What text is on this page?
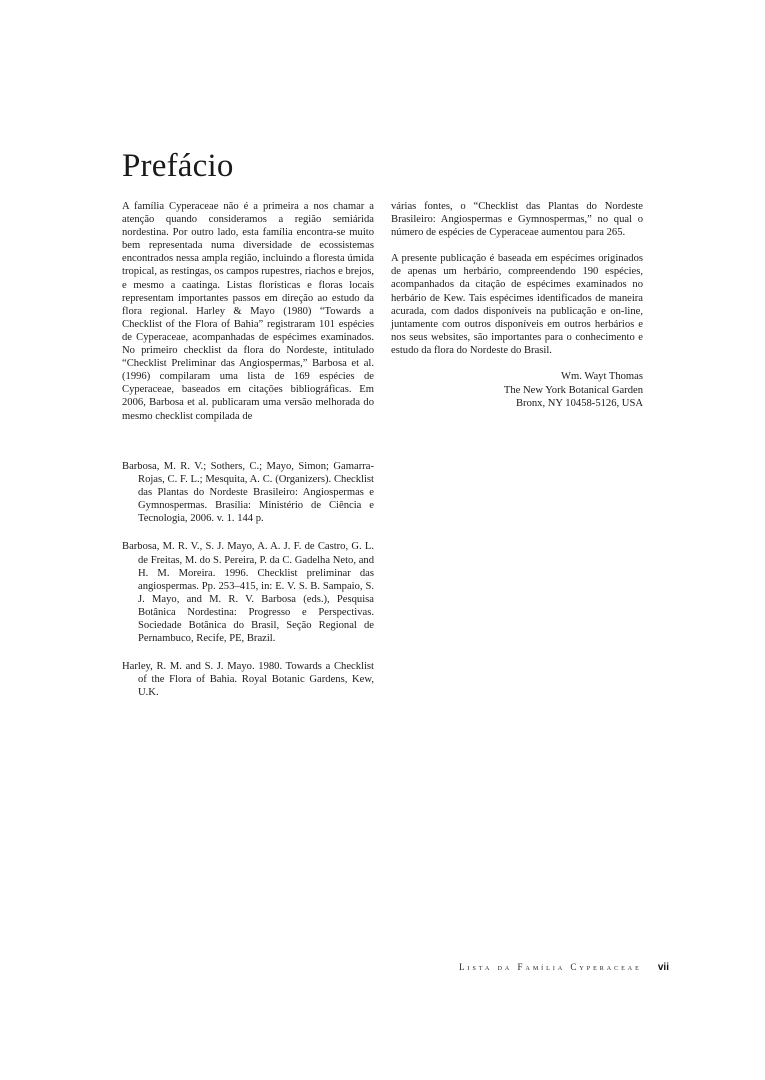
Prefácio

A família Cyperaceae não é a primeira a nos chamar a atenção quando consideramos a região semiárida nordestina. Por outro lado, esta família encontra-se muito bem representada numa diversidade de ecossistemas encontrados nessa ampla região, incluindo a floresta úmida tropical, as restingas, os campos rupestres, riachos e brejos, e mesmo a caatinga. Listas florísticas e floras locais representam importantes passos em direção ao estudo da flora regional. Harley & Mayo (1980) “Towards a Checklist of the Flora of Bahia” registraram 101 espécies de Cyperaceae, acompanhadas de espécimes examinados. No primeiro checklist da flora do Nordeste, intitulado “Checklist Preliminar das Angiospermas,” Barbosa et al. (1996) compilaram uma lista de 169 espécies de Cyperaceae, baseados em citações bibliográficas. Em 2006, Barbosa et al. publicaram uma versão melhorada do mesmo checklist compilada de

várias fontes, o “Checklist das Plantas do Nordeste Brasileiro: Angiospermas e Gymnospermas,” no qual o número de espécies de Cyperaceae aumentou para 265.

A presente publicação é baseada em espécimes originados de apenas um herbário, compreendendo 190 espécies, acompanhados da citação de espécimes examinados no herbário de Kew. Tais espécimes identificados de maneira acurada, com dados disponíveis na publicação e on-line, juntamente com outros disponíveis em outros herbários e nos seus websites, são importantes para o conhecimento e estudo da flora do Nordeste do Brasil.

Wm. Wayt Thomas
The New York Botanical Garden
Bronx, NY 10458-5126, USA

Barbosa, M. R. V.; Sothers, C.; Mayo, Simon; Gamarra-Rojas, C. F. L.; Mesquita, A. C. (Organizers). Checklist das Plantas do Nordeste Brasileiro: Angiospermas e Gymnospermas. Brasília: Ministério de Ciência e Tecnologia, 2006. v. 1. 144 p.

Barbosa, M. R. V., S. J. Mayo, A. A. J. F. de Castro, G. L. de Freitas, M. do S. Pereira, P. da C. Gadelha Neto, and H. M. Moreira. 1996. Checklist preliminar das angiospermas. Pp. 253–415, in: E. V. S. B. Sampaio, S. J. Mayo, and M. R. V. Barbosa (eds.), Pesquisa Botânica Nordestina: Progresso e Perspectivas. Sociedade Botânica do Brasil, Seção Regional de Pernambuco, Recife, PE, Brazil.

Harley, R. M. and S. J. Mayo. 1980. Towards a Checklist of the Flora of Bahia. Royal Botanic Gardens, Kew, U.K.

Lista da Família Cyperaceae vii
